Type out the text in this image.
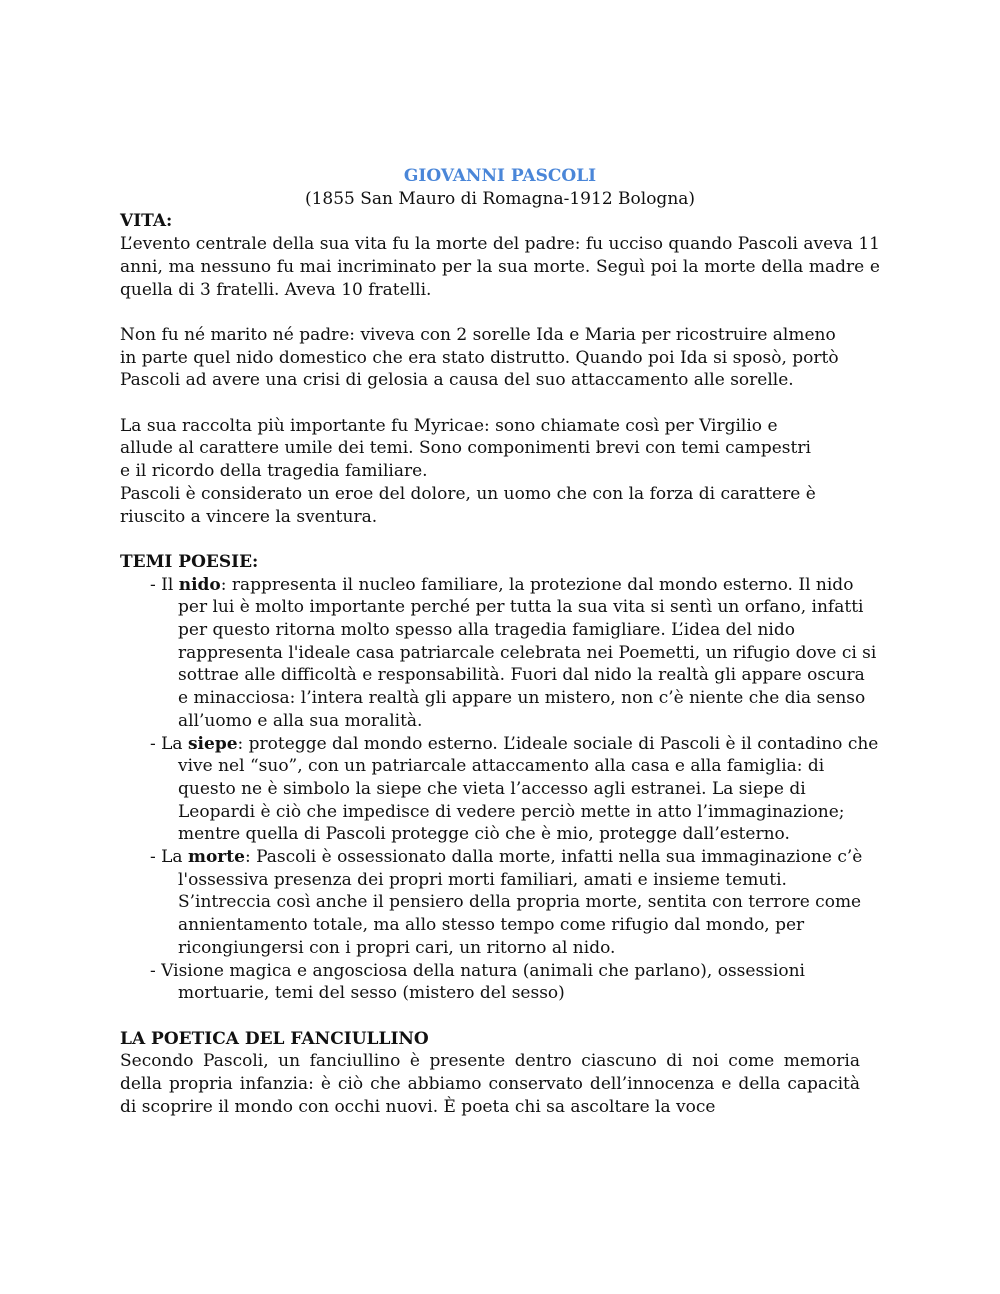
GIOVANNI PASCOLI

(1855 San Mauro di Romagna-1912 Bologna)

VITA:

L’evento centrale della sua vita fu la morte del padre: fu ucciso quando Pascoli aveva 11 anni, ma nessuno fu mai incriminato per la sua morte. Seguì poi la morte della madre e quella di 3 fratelli. Aveva 10 fratelli.

Non fu né marito né padre: viveva con 2 sorelle Ida e Maria per ricostruire almeno in parte quel nido domestico che era stato distrutto. Quando poi Ida si sposò, portò Pascoli ad avere una crisi di gelosia a causa del suo attaccamento alle sorelle.

La sua raccolta più importante fu Myricae: sono chiamate così per Virgilio e allude al carattere umile dei temi. Sono componimenti brevi con temi campestri e il ricordo della tragedia familiare.

Pascoli è considerato un eroe del dolore, un uomo che con la forza di carattere è riuscito a vincere la sventura.

TEMI POESIE:

- Il nido: rappresenta il nucleo familiare, la protezione dal mondo esterno. Il nido per lui è molto importante perché per tutta la sua vita si sentì un orfano, infatti per questo ritorna molto spesso alla tragedia famigliare. L’idea del nido rappresenta l'ideale casa patriarcale celebrata nei Poemetti, un rifugio dove ci si sottrae alle difficoltà e responsabilità. Fuori dal nido la realtà gli appare oscura e minacciosa: l’intera realtà gli appare un mistero, non c’è niente che dia senso all’uomo e alla sua moralità.

- La siepe: protegge dal mondo esterno. L’ideale sociale di Pascoli è il contadino che vive nel “suo”, con un patriarcale attaccamento alla casa e alla famiglia: di questo ne è simbolo la siepe che vieta l’accesso agli estranei. La siepe di Leopardi è ciò che impedisce di vedere perciò mette in atto l’immaginazione; mentre quella di Pascoli protegge ciò che è mio, protegge dall’esterno.

- La morte: Pascoli è ossessionato dalla morte, infatti nella sua immaginazione c’è l'ossessiva presenza dei propri morti familiari, amati e insieme temuti. S’intreccia così anche il pensiero della propria morte, sentita con terrore come annientamento totale, ma allo stesso tempo come rifugio dal mondo, per ricongiungersi con i propri cari, un ritorno al nido.

- Visione magica e angosciosa della natura (animali che parlano), ossessioni mortuarie, temi del sesso (mistero del sesso)

LA POETICA DEL FANCIULLINO

Secondo Pascoli, un fanciullino è presente dentro ciascuno di noi come memoria della propria infanzia: è ciò che abbiamo conservato dell’innocenza e della capacità di scoprire il mondo con occhi nuovi. È poeta chi sa ascoltare la voce
